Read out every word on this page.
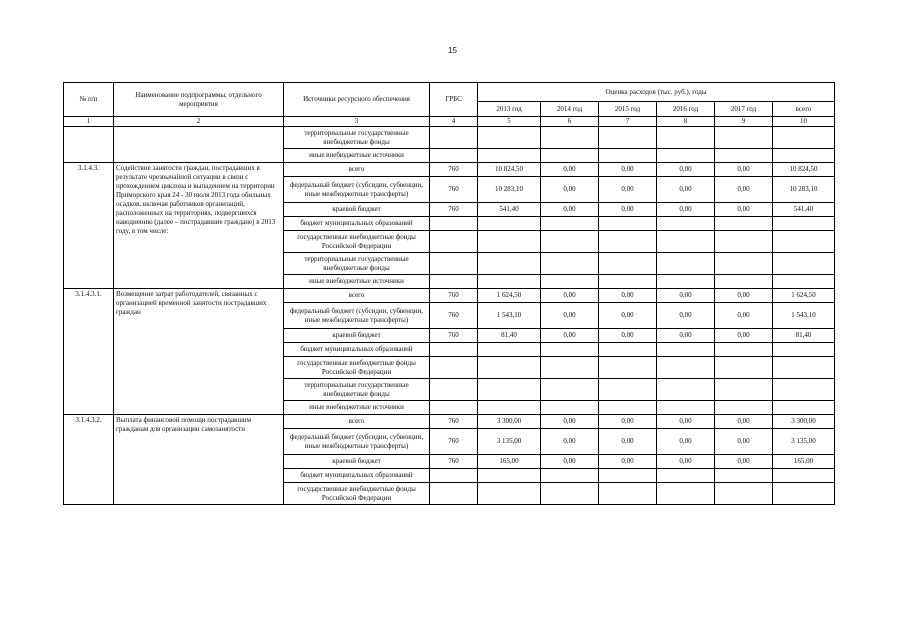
15
№ п/п	Наименование подпрограммы, отдельного мероприятия	Источники ресурсного обеспечения	ГРБС	Оценка расходов (тыс. руб.), годы					
				2013 год	2014 год	2015 год	2016 год	2017 год	всего
1	2	3	4	5	6	7	8	9	10
		территориальные государственные внебюджетные фонды							
		иные внебюджетные источники							
3.1.4.3.	Содействие занятости граждан, пострадавших в результате чрезвычайной ситуации в связи с прохождением циклона и выпадением на территории Приморского края 24 - 30 июля 2013 года обильных осадков, включая работников организаций, расположенных на территориях, подвергшихся наводнению (далее – пострадавшие граждане) в 2013 году, в том числе:	всего	760	10 824,50	0,00	0,00	0,00	0,00	10 824,50
		федеральный бюджет (субсидии, субвенции, иные межбюджетные трансферты)	760	10 283,10	0,00	0,00	0,00	0,00	10 283,10
		краевой бюджет	760	541,40	0,00	0,00	0,00	0,00	541,40
		бюджет муниципальных образований							
		государственные внебюджетные фонды Российской Федерации							
		территориальные государственные внебюджетные фонды							
		иные внебюджетные источники							
3.1.4.3.1.	Возмещение затрат работодателей, связанных с организацией временной занятости пострадавших граждан	всего	760	1 624,50	0,00	0,00	0,00	0,00	1 624,50
		федеральный бюджет (субсидии, субвенции, иные межбюджетные трансферты)	760	1 543,10	0,00	0,00	0,00	0,00	1 543,10
		краевой бюджет	760	81,40	0,00	0,00	0,00	0,00	81,40
		бюджет муниципальных образований							
		государственные внебюджетные фонды Российской Федерации							
		территориальные государственные внебюджетные фонды							
		иные внебюджетные источники							
3.1.4.3.2.	Выплата финансовой помощи пострадавшим гражданам для организации самозанятости	всего	760	3 300,00	0,00	0,00	0,00	0,00	3 300,00
		федеральный бюджет (субсидии, субвенции, иные межбюджетные трансферты)	760	3 135,00	0,00	0,00	0,00	0,00	3 135,00
		краевой бюджет	760	165,00	0,00	0,00	0,00	0,00	165,00
		бюджет муниципальных образований							
		государственные внебюджетные фонды Российской Федерации							
